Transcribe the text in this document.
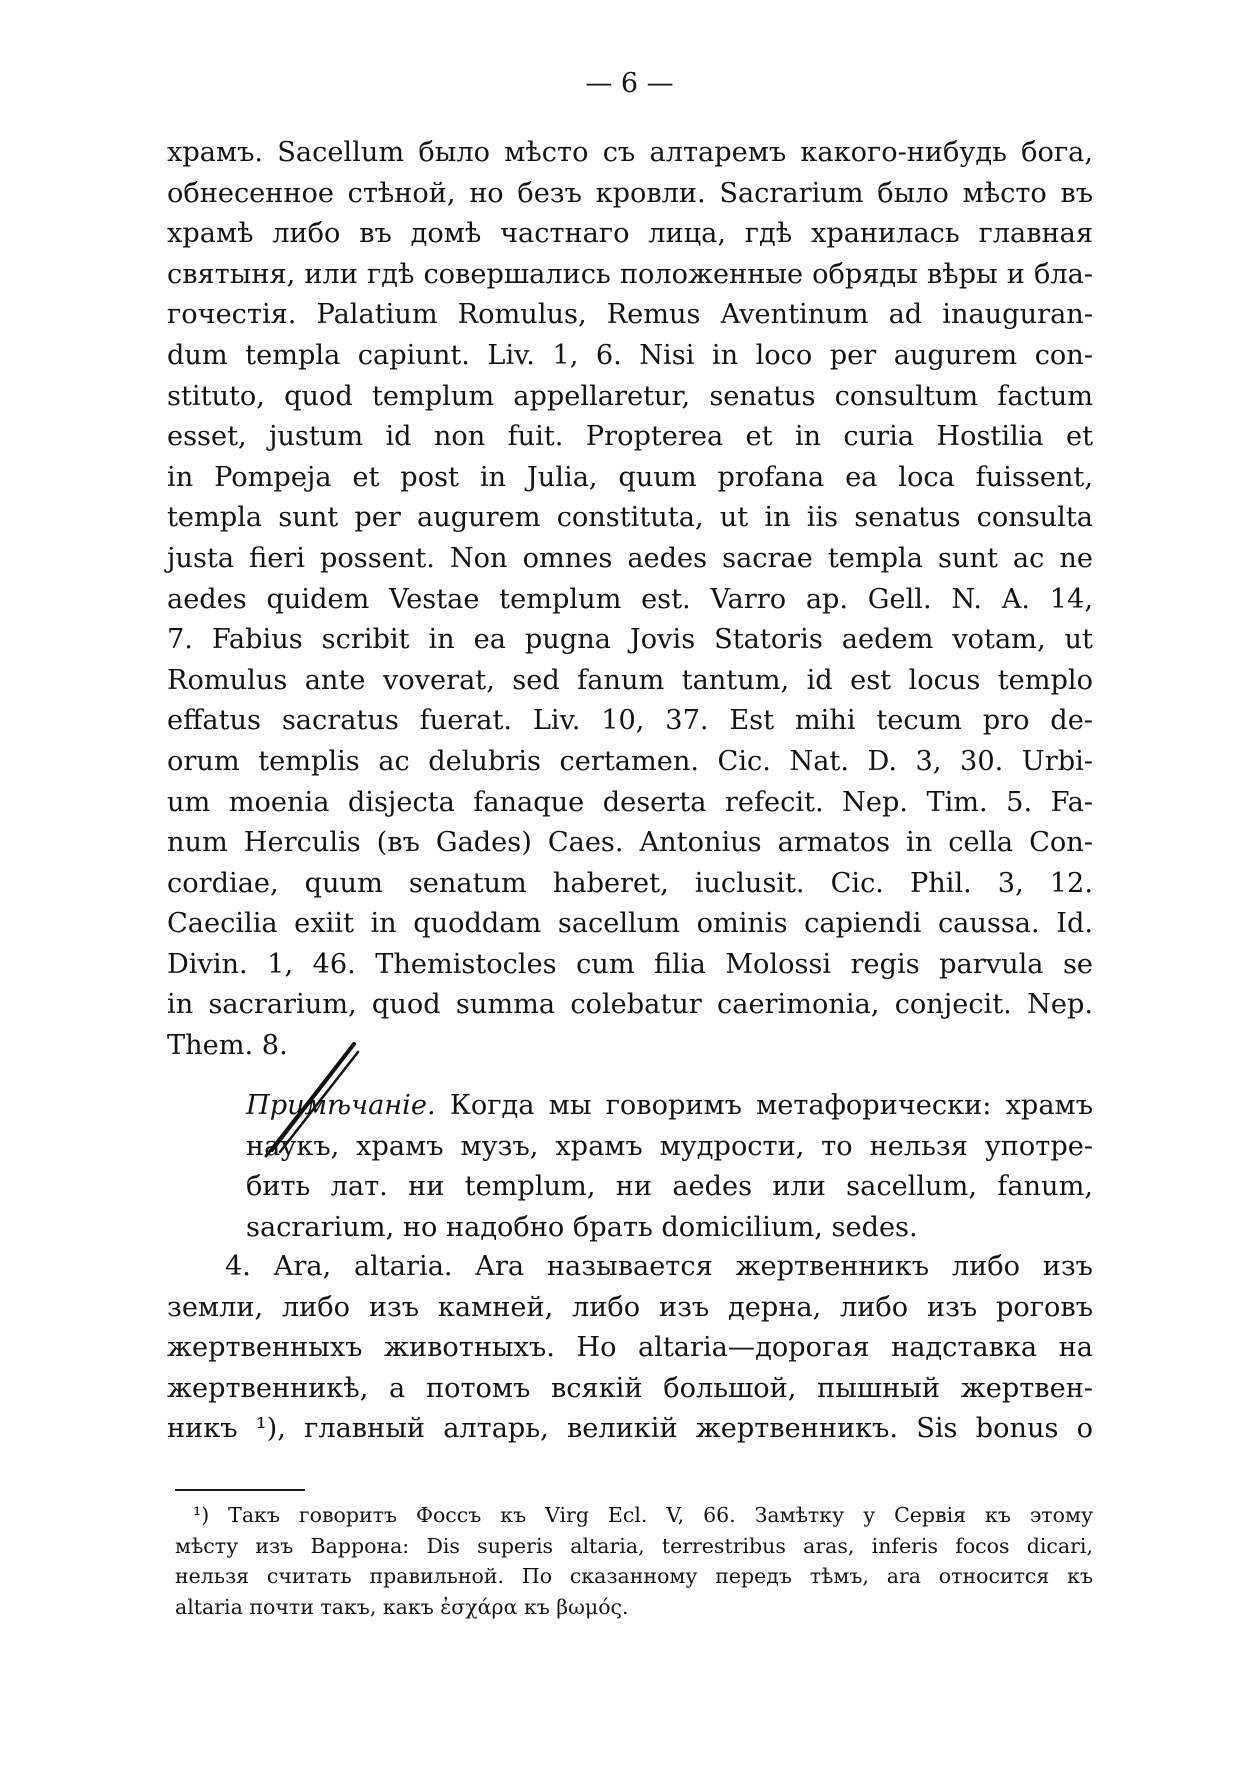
— 6 —
храмъ. Sacellum было мѣсто съ алтаремъ какого-нибудь бога,
обнесенное стѣной, но безъ кровли. Sacrarium было мѣсто въ
храмѣ либо въ домѣ частнаго лица, гдѣ хранилась главная
святыня, или гдѣ совершались положенные обряды вѣры и бла-
гочестія. Palatium Romulus, Remus Aventinum ad inauguran-
dum templa capiunt. Liv. 1, 6. Nisi in loco per augurem con-
stituto, quod templum appellaretur, senatus consultum factum
esset, justum id non fuit. Propterea et in curia Hostilia et
in Pompeja et post in Julia, quum profana ea loca fuissent,
templa sunt per augurem constituta, ut in iis senatus consulta
justa fieri possent. Non omnes aedes sacrae templa sunt ac ne
aedes quidem Vestae templum est. Varro ap. Gell. N. A. 14,
7. Fabius scribit in ea pugna Jovis Statoris aedem votam, ut
Romulus ante voverat, sed fanum tantum, id est locus templo
effatus sacratus fuerat. Liv. 10, 37. Est mihi tecum pro de-
orum templis ac delubris certamen. Cic. Nat. D. 3, 30. Urbi-
um moenia disjecta fanaque deserta refecit. Nep. Tim. 5. Fa-
num Herculis (въ Gades) Caes. Antonius armatos in cella Con-
cordiae, quum senatum haberet, iuclusit. Cic. Phil. 3, 12.
Caecilia exiit in quoddam sacellum ominis capiendi caussa. Id.
Divin. 1, 46. Themistocles cum filia Molossi regis parvula se
in sacrarium, quod summa colebatur caerimonia, conjecit. Nep.
Them. 8.
Примѣчаніе. Когда мы говоримъ метафорически: храмъ
наукъ, храмъ музъ, храмъ мудрости, то нельзя употре-
бить лат. ни templum, ни aedes или sacellum, fanum,
sacrarium, но надобно брать domicilium, sedes.
4. Ara, altaria. Ara называется жертвенникъ либо изъ
земли, либо изъ камней, либо изъ дерна, либо изъ роговъ
жертвенныхъ животныхъ. Но altaria—дорогая надставка на
жертвенникѣ, а потомъ всякій большой, пышный жертвен-
никъ ¹), главный алтарь, великій жертвенникъ. Sis bonus o
¹) Такъ говоритъ Фоссъ къ Virg Ecl. V, 66. Замѣтку у Сервія къ этому
мѣсту изъ Варрона: Dis superis altaria, terrestribus aras, inferis focos dicari,
нельзя считать правильной. По сказанному передъ тѣмъ, ara относится къ
altaria почти такъ, какъ ἐσχάρα къ βωμός.
